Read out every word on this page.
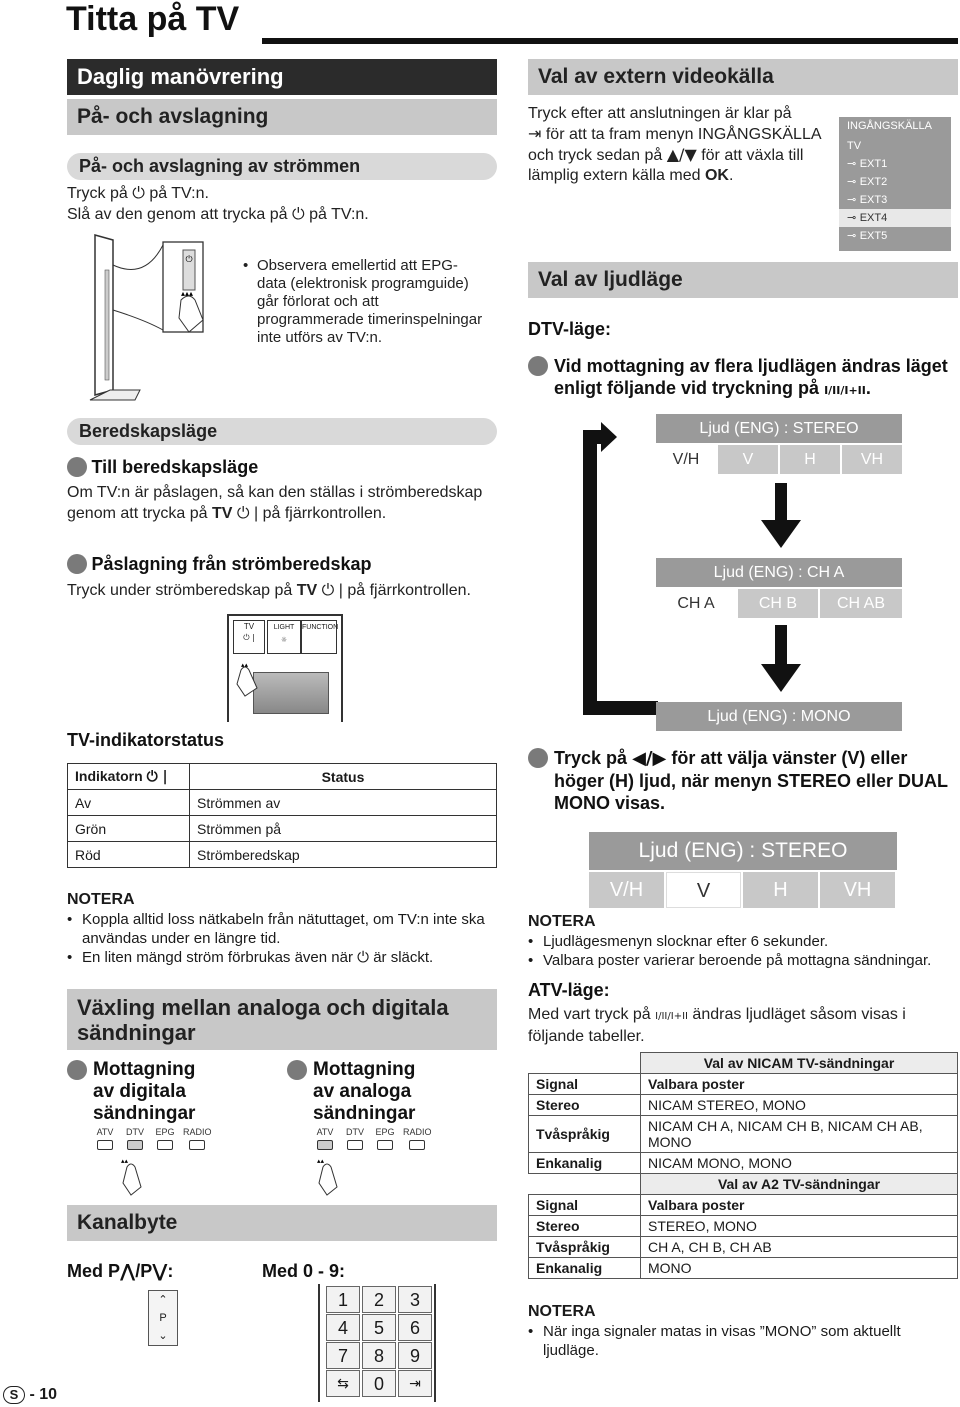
Titta på TV
Daglig manövrering
På- och avslagning
På- och avslagning av strömmen
Tryck på ⏻ på TV:n.
Slå av den genom att trycka på ⏻ på TV:n.
⏻
▴▴▴
• Observera emellertid att EPG-data (elektronisk programguide) går förlorat och att programmerade timerinspelningar inte utförs av TV:n.
Beredskapsläge
Till beredskapsläge
Om TV:n är påslagen, så kan den ställas i strömberedskap genom att trycka på TV ⏻ | på fjärrkontrollen.
Påslagning från strömberedskap
Tryck under strömberedskap på TV ⏻ | på fjärrkontrollen.
TV
⏻ |
LIGHT
☼
FUNCTION
▴▴
TV-indikatorstatus
Indikatorn ⏻ |	Status
Av	Strömmen av
Grön	Strömmen på
Röd	Strömberedskap
NOTERA
• Koppla alltid loss nätkabeln från nätuttaget, om TV:n inte ska användas under en längre tid.
• En liten mängd ström förbrukas även när ⏻ är släckt.
Växling mellan analoga och digitala sändningar
Mottagning av digitala sändningar
Mottagning av analoga sändningar
ATV	DTV	EPG RADIO
▴▴
ATV	DTV	EPG RADIO
▴▴
Kanalbyte
Med P⋀/P⋁:	Med 0 - 9:
⌃
P
⌄
1	2	3
4	5	6
7	8	9
⇆	0	⇥
S - 10
Val av extern videokälla
Tryck efter att anslutningen är klar på
⇥ för att ta fram menyn INGÅNGSKÄLLA och tryck sedan på ▲/▼ för att växla till lämplig extern källa med OK.
INGÅNGSKÄLLA
TV
⊸ EXT1
⊸ EXT2
⊸ EXT3
⊸ EXT4
⊸ EXT5
Val av ljudläge
DTV-läge:
Vid mottagning av flera ljudlägen ändras läget enligt följande vid tryckning på I/II/I+II.
Ljud (ENG) : STEREO
V/H	V	H	VH
Ljud (ENG) : CH A
CH A	CH B	CH AB
Ljud (ENG) : MONO
Tryck på ◀/▶ för att välja vänster (V) eller höger (H) ljud, när menyn STEREO eller DUAL MONO visas.
Ljud (ENG) : STEREO
V/H	V	H	VH
NOTERA
• Ljudlägesmenyn slocknar efter 6 sekunder.
• Valbara poster varierar beroende på mottagna sändningar.
ATV-läge:
Med vart tryck på I/II/I+II ändras ljudläget såsom visas i följande tabeller.
	Val av NICAM TV-sändningar
Signal	Valbara poster
Stereo	NICAM STEREO, MONO
Tvåspråkig	NICAM CH A, NICAM CH B, NICAM CH AB, MONO
Enkanalig	NICAM MONO, MONO
	Val av A2 TV-sändningar
Signal	Valbara poster
Stereo	STEREO, MONO
Tvåspråkig	CH A, CH B, CH AB
Enkanalig	MONO
NOTERA
• När inga signaler matas in visas ”MONO” som aktuellt ljudläge.
